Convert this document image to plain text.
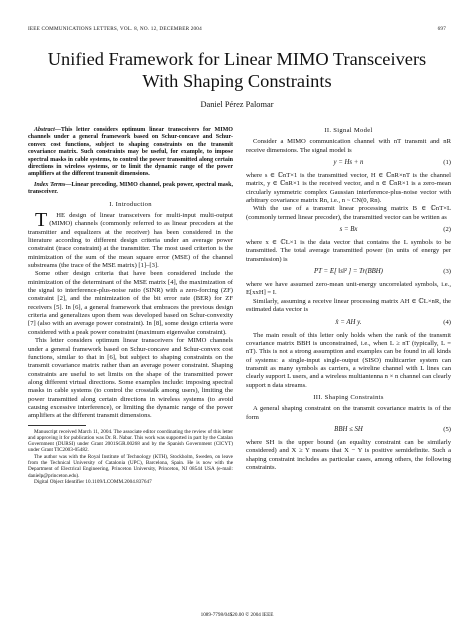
IEEE COMMUNICATIONS LETTERS, VOL. 8, NO. 12, DECEMBER 2004	697
Unified Framework for Linear MIMO Transceivers
With Shaping Constraints
Daniel Pérez Palomar
Abstract—This letter considers optimum linear transceivers for MIMO channels under a general framework based on Schur-concave and Schur-convex cost functions, subject to shaping constraints on the transmit covariance matrix. Such constraints may be useful, for example, to impose spectral masks in cable systems, to control the power transmitted along certain directions in wireless systems, or to limit the dynamic range of the power amplifiers at the different transmit dimensions.
Index Terms—Linear precoding, MIMO channel, peak power, spectral mask, transceiver.
I. Introduction

T HE design of linear transceivers for multi-input multi-output (MIMO) channels (commonly referred to as linear precoders at the transmitter and equalizers at the receiver) has been considered in the literature according to different design criteria under an average power constraint (trace constraint) at the transmitter. The most used criterion is the minimization of the sum of the mean square error (MSE) of the channel substreams (the trace of the MSE matrix) [1]–[3].

Some other design criteria that have been considered include the minimization of the determinant of the MSE matrix [4], the maximization of the signal to interference-plus-noise ratio (SINR) with a zero-forcing (ZF) constraint [2], and the minimization of the bit error rate (BER) for ZF receivers [5]. In [6], a general framework that embraces the previous design criteria and generalizes upon them was developed based on Schur-convexity [7] (also with an average power constraint). In [8], some design criteria were considered with a peak power constraint (maximum eigenvalue constraint).

This letter considers optimum linear transceivers for MIMO channels under a general framework based on Schur-concave and Schur-convex cost functions, similar to that in [6], but subject to shaping constraints on the transmit covariance matrix rather than an average power constraint. Shaping constraints are useful to set limits on the shape of the transmitted power along different virtual directions. Some examples include: imposing spectral masks in cable systems (to control the crosstalk among users), limiting the power transmitted along certain directions in wireless systems (to avoid causing excessive interference), or limiting the dynamic range of the power amplifiers at the different transmit dimensions.

Manuscript received March 11, 2004. The associate editor coordinating the review of this letter and approving it for publication was Dr. R. Nabar. This work was supported in part by the Catalan Government (DURSI) under Grant 2001SGR.00268 and by the Spanish Government (CICYT) under Grant TIC2003-05482.

The author was with the Royal Institute of Technology (KTH), Stockholm, Sweden, on leave from the Technical University of Catalonia (UPC), Barcelona, Spain. He is now with the Department of Electrical Engineering, Princeton University, Princeton, NJ 08544 USA (e-mail: danielp@princeton.edu).

Digital Object Identifier 10.1109/LCOMM.2004.837647

II. Signal Model

Consider a MIMO communication channel with nT transmit and nR receive dimensions. The signal model is

y = Hs + n	(1)

where s ∈ ℂnT×1 is the transmitted vector, H ∈ ℂnR×nT is the channel matrix, y ∈ ℂnR×1 is the received vector, and n ∈ ℂnR×1 is a zero-mean circularly symmetric complex Gaussian interference-plus-noise vector with arbitrary covariance matrix Rn, i.e., n ~ CN(0, Rn).

With the use of a transmit linear processing matrix B ∈ ℂnT×L (commonly termed linear precoder), the transmitted vector can be written as

s = Bx	(2)

where x ∈ ℂL×1 is the data vector that contains the L symbols to be transmitted. The total average transmitted power (in units of energy per transmission) is

PT = E[ ‖s‖² ] = Tr(BBH)	(3)

where we have assumed zero-mean unit-energy uncorrelated symbols, i.e., E[xxH] = I.

Similarly, assuming a receive linear processing matrix AH ∈ ℂL×nR, the estimated data vector is

x̂ = AH y.	(4)

The main result of this letter only holds when the rank of the transmit covariance matrix BBH is unconstrained, i.e., when L ≥ nT (typically, L = nT). This is not a strong assumption and examples can be found in all kinds of systems: a single-input single-output (SISO) multicarrier system can transmit as many symbols as carriers, a wireline channel with L lines can clearly support L users, and a wireless multiantenna n × n channel can clearly support n data streams.

III. Shaping Constraints

A general shaping constraint on the transmit covariance matrix is of the form

BBH ≤ SH	(5)

where SH is the upper bound (an equality constraint can be similarly considered) and X ≥ Y means that X − Y is positive semidefinite. Such a shaping constraint includes as particular cases, among others, the following constraints.

1089-7798/04$20.00 © 2004 IEEE
